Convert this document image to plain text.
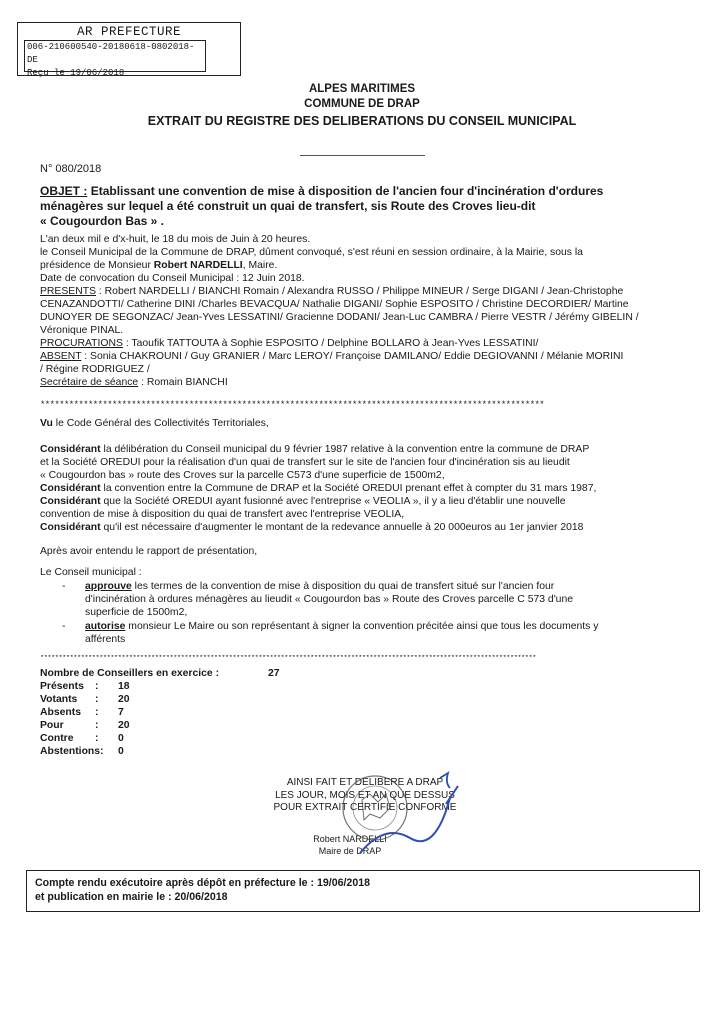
AR PREFECTURE
006-210600540-20180618-0802018-DE
Reçu le 19/06/2018
ALPES MARITIMES
COMMUNE DE DRAP
EXTRAIT DU REGISTRE DES DELIBERATIONS DU CONSEIL MUNICIPAL
N° 080/2018
OBJET : Etablissant une convention de mise à disposition de l'ancien four d'incinération d'ordures
ménagères sur lequel a été construit un quai de transfert, sis Route des Croves lieu-dit
« Cougourdon Bas » .
L'an deux mil e d'x-huit, le 18 du mois de Juin à 20 heures.
le Conseil Municipal de la Commune de DRAP, dûment convoqué, s'est réuni en session ordinaire, à la Mairie, sous la
présidence de Monsieur Robert NARDELLI, Maire.
Date de convocation du Conseil Municipal : 12 Juin 2018.
PRESENTS : Robert NARDELLI / BIANCHI Romain / Alexandra RUSSO / Philippe MINEUR / Serge DIGANI / Jean-Christophe
CENAZANDOTTI/ Catherine DINI /Charles BEVACQUA/ Nathalie DIGANI/ Sophie ESPOSITO / Christine DECORDIER/ Martine
DUNOYER DE SEGONZAC/ Jean-Yves LESSATINI/ Gracienne DODANI/ Jean-Luc CAMBRA / Pierre VESTR / Jérémy GIBELIN /
Véronique PINAL.
PROCURATIONS : Taoufik TATTOUTA à Sophie ESPOSITO / Delphine BOLLARO à Jean-Yves LESSATINI/
ABSENT : Sonia CHAKROUNI / Guy GRANIER / Marc LEROY/ Françoise DAMILANO/ Eddie DEGIOVANNI / Mélanie MORINI
/ Régine RODRIGUEZ /
Secrétaire de séance : Romain BIANCHI
*********************************************************************************************************
Vu le Code Général des Collectivités Territoriales,
Considérant la délibération du Conseil municipal du 9 février 1987 relative à la convention entre la commune de DRAP
et la Société OREDUI pour la réalisation d'un quai de transfert sur le site de l'ancien four d'incinération sis au lieudit
« Cougourdon bas » route des Croves sur la parcelle C573 d'une superficie de 1500m2,
Considérant la convention entre la Commune de DRAP et la Société OREDUI prenant effet à compter du 31 mars 1987,
Considérant que la Société OREDUI ayant fusionné avec l'entreprise « VEOLIA », il y a lieu d'établir une nouvelle
convention de mise à disposition du quai de transfert avec l'entreprise VEOLIA,
Considérant qu'il est nécessaire d'augmenter le montant de la redevance annuelle à 20 000euros au 1er janvier 2018
Après avoir entendu le rapport de présentation,
Le Conseil municipal :
- approuve les termes de la convention de mise à disposition du quai de transfert situé sur l'ancien four
d'incinération à ordures ménagères au lieudit « Cougourdon bas » Route des Croves parcelle C 573 d'une
superficie de 1500m2,
- autorise monsieur Le Maire ou son représentant à signer la convention précitée ainsi que tous les documents y
afférents
**************************************************************************************************************************************
Nombre de Conseillers en exercice :	27
Présents : 18
Votants : 20
Absents : 7
Pour	: 20
Contre : 0
Abstentions: 0
AINSI FAIT ET DELIBERE A DRAP
LES JOUR, MOIS ET AN QUE DESSUS
POUR EXTRAIT CERTIFIE CONFORME
Robert NARDELLI
Maire de DRAP
Compte rendu exécutoire après dépôt en préfecture le : 19/06/2018
et publication en mairie le : 20/06/2018
